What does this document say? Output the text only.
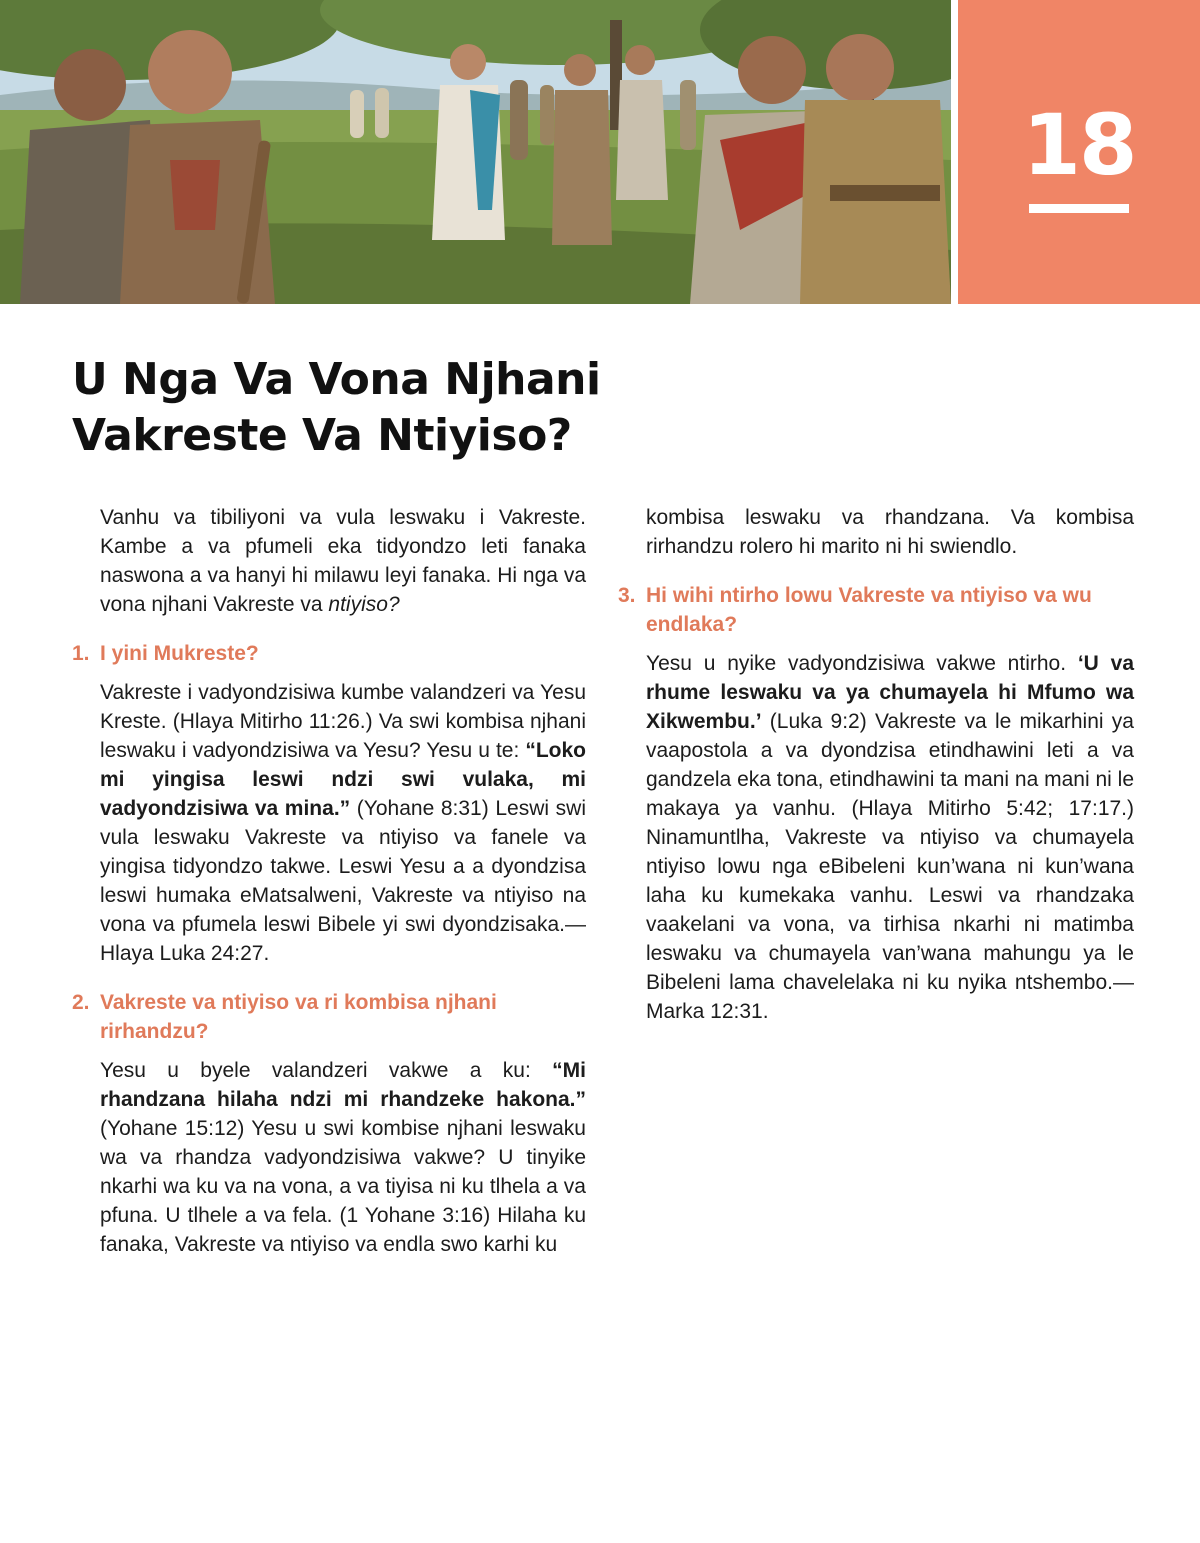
18
U Nga Va Vona Njhani
Vakreste Va Ntiyiso?

Vanhu va tibiliyoni va vula leswaku i Vakreste. Kambe a va pfumeli eka tidyondzo leti fanaka naswona a va hanyi hi milawu leyi fanaka. Hi nga va vona njhani Vakreste va ntiyiso?

1. I yini Mukreste?

Vakreste i vadyondzisiwa kumbe valandzeri va Yesu Kreste. (Hlaya Mitirho 11:26.) Va swi kombisa njhani leswaku i vadyondzisiwa va Yesu? Yesu u te: “Loko mi yingisa leswi ndzi swi vulaka, mi vadyondzisiwa va mina.” (Yohane 8:31) Leswi swi vula leswaku Vakreste va ntiyiso va fanele va yingisa tidyondzo takwe. Leswi Yesu a a dyondzisa leswi humaka eMatsalweni, Vakreste va ntiyiso na vona va pfumela leswi Bibele yi swi dyondzisaka.—Hlaya Luka 24:27.

2. Vakreste va ntiyiso va ri kombisa njhani rirhandzu?

Yesu u byele valandzeri vakwe a ku: “Mi rhandzana hilaha ndzi mi rhandzeke hakona.” (Yohane 15:12) Yesu u swi kombise njhani leswaku wa va rhandza vadyondzisiwa vakwe? U tinyike nkarhi wa ku va na vona, a va tiyisa ni ku tlhela a va pfuna. U tlhele a va fela. (1 Yohane 3:16) Hilaha ku fanaka, Vakreste va ntiyiso va endla swo karhi ku

kombisa leswaku va rhandzana. Va kombisa rirhandzu rolero hi marito ni hi swiendlo.

3. Hi wihi ntirho lowu Vakreste va ntiyiso va wu endlaka?

Yesu u nyike vadyondzisiwa vakwe ntirho. ‘U va rhume leswaku va ya chumayela hi Mfumo wa Xikwembu.’ (Luka 9:2) Vakreste va le mikarhini ya vaapostola a va dyondzisa etindhawini leti a va gandzela eka tona, etindhawini ta mani na mani ni le makaya ya vanhu. (Hlaya Mitirho 5:42; 17:17.) Ninamuntlha, Vakreste va ntiyiso va chumayela ntiyiso lowu nga eBibeleni kun’wana ni kun’wana laha ku kumekaka vanhu. Leswi va rhandzaka vaakelani va vona, va tirhisa nkarhi ni matimba leswaku va chumayela van’wana mahungu ya le Bibeleni lama chavelelaka ni ku nyika ntshembo.—Marka 12:31.
